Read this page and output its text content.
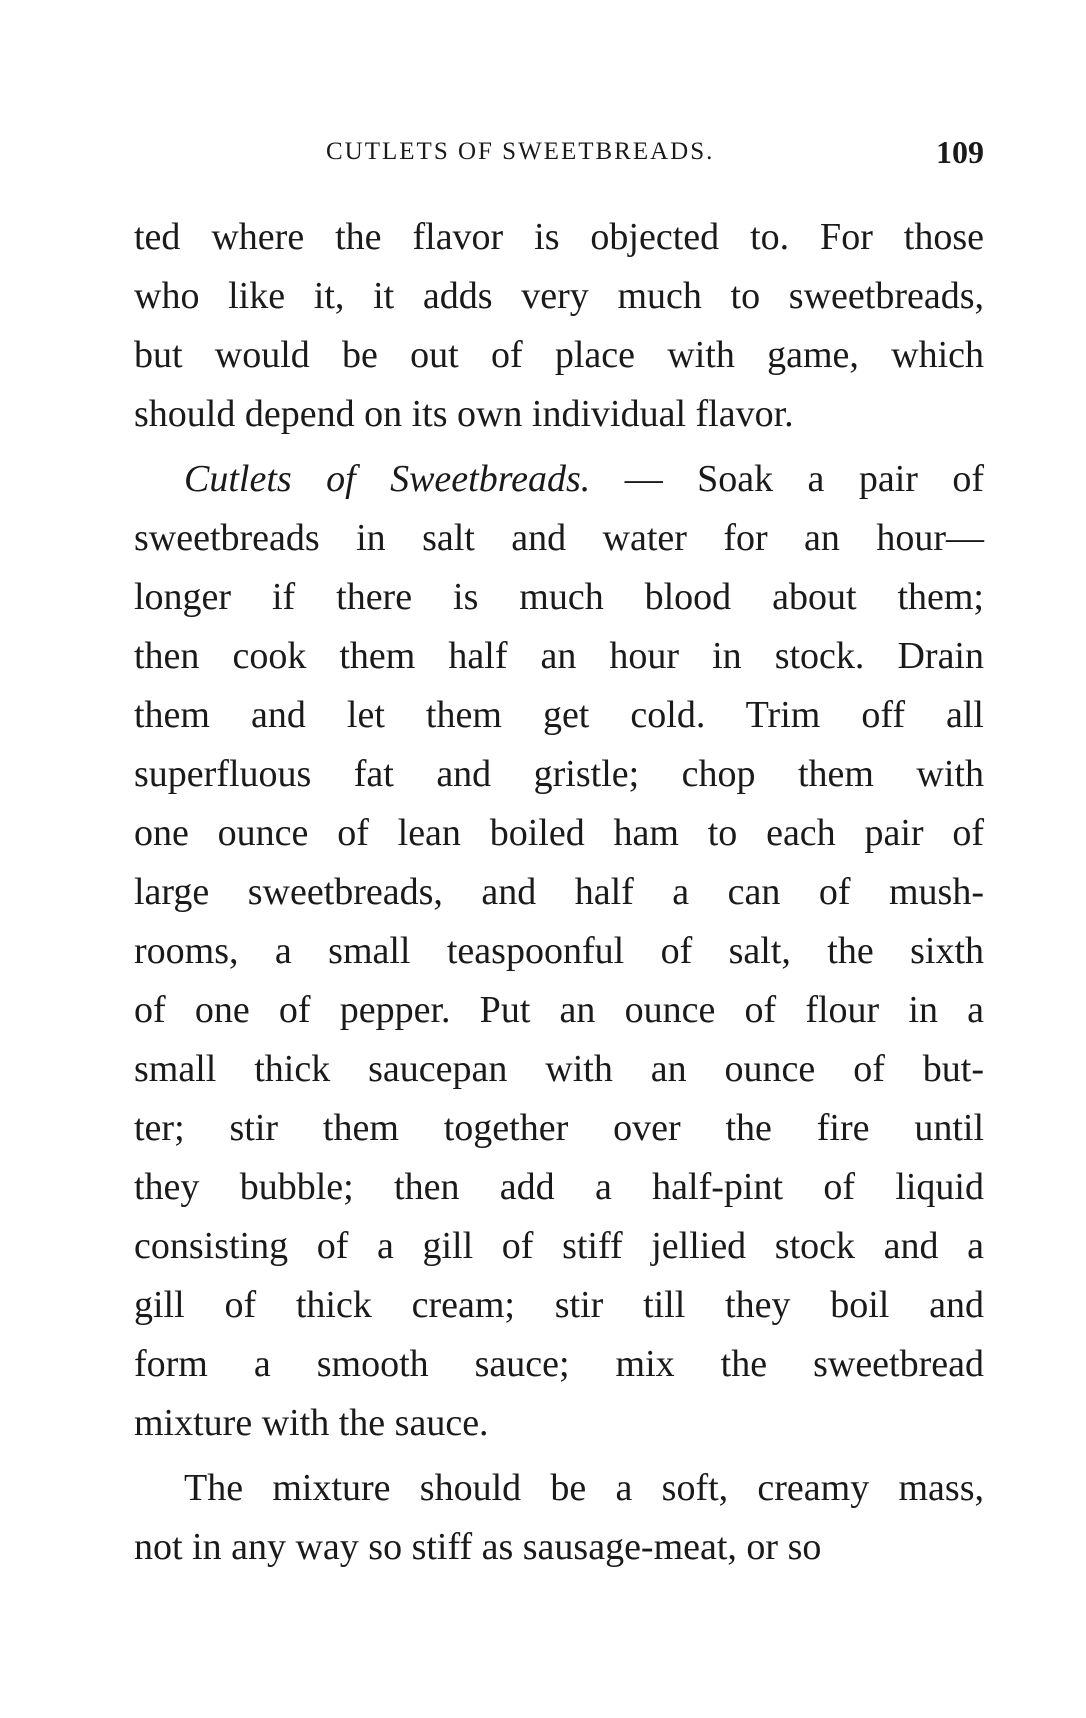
CUTLETS OF SWEETBREADS.	109
ted where the flavor is objected to. For those
who like it, it adds very much to sweetbreads,
but would be out of place with game, which
should depend on its own individual flavor.
Cutlets of Sweetbreads. — Soak a pair of
sweetbreads in salt and water for an hour—
longer if there is much blood about them;
then cook them half an hour in stock. Drain
them and let them get cold. Trim off all
superfluous fat and gristle; chop them with
one ounce of lean boiled ham to each pair of
large sweetbreads, and half a can of mush-
rooms, a small teaspoonful of salt, the sixth
of one of pepper. Put an ounce of flour in a
small thick saucepan with an ounce of but-
ter; stir them together over the fire until
they bubble; then add a half-pint of liquid
consisting of a gill of stiff jellied stock and a
gill of thick cream; stir till they boil and
form a smooth sauce; mix the sweetbread
mixture with the sauce.
The mixture should be a soft, creamy mass,
not in any way so stiff as sausage-meat, or so
